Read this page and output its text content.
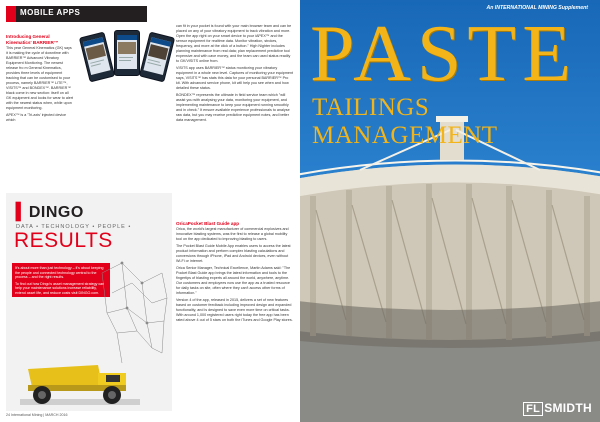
MOBILE APPS
Introducing General Kinematics' BARRIER™

This year General Kinematics (GK) says it is making the cycle of downtime with BARRIER™ Advanced Vibratory Equipment Monitoring. The newest release fro m General Kinematics, provides three levels of equipment tracking that can be customised to your process, namely BARRIER™ LITE™, VISITS™ and BONDEX™. BARRIER™ black come in new section: itself on all GK equipment and looks for wear to alert with the newest status when, while upon equipment monitoring.

APEX™ is a 'Tri-axis' injected device which

can fit in your pocket is found with your main browser team and can be placed on any of your vibratory equipment to track vibration and more. Open the app right on your smart device to your iAPEX™ and the sensor equipment for realtime data. Monitor vibration, strokes, frequency, and more at the click of a button." High Nighter includes planning maintenance from real data; plan replacement predictive tool expensive and with cave money, and the team can used status readily to GK/VISITS online from.

VISITS app uses BARRIER™ status monitoring your vibratory equipment in a whole new level. Captures of monitoring your equipment says, VISITS™ has stats this data for your personal BARRIER™ Pro kit. With advanced service phone, kit will help you see when and how detailed these status.

BONDEX™ represents the ultimate in field service team which "will assist you with analysing your data, monitoring your equipment, and implementing maintenance to keep your equipment running smoothly and in check." It ensure available experience professionals to analyse raw data, but you may receive predictive equipment notes, and better data management.

OricaPocket Blast Guide app

Orica, the world's largest manufacturer of commercial explosives and innovative blasting systems, was the first to release a global mobility tool on the app dedicated to improving blasting to users.

The Pocket Blast Guide Mobile App enables users to access the latest product information and perform complex blasting calculations and conversions through iPhone, iPad and Android devices, even without Wi-Fi or internet.

Orica Senior Manager, Technical Excellence, Martin Adams said: "The Pocket Blast Guide app brings the latest information and tools to the fingertips of blasting experts all around the world, anywhere, anytime. Our customers and employees now use the app as a trusted resource for daily tasks on site, often where they can't access other forms of information."

Version 4 of the app, released in 2015, delivers a set of new features based on customer feedback including improved design and expanded functionality, and is designed to save even more time on critical tasks. With around 1,000 registered users right today the free app has been rated above 4 out of 5 stars on both the iTunes and Google Play stores.

▍DINGO
DATA • TECHNOLOGY • PEOPLE •
RESULTS

It's about more than just technology – it's about keeping the people and connected technology central to the process – and the right results.

To find out how Dingo's asset management strategy can help your maintenance solutions increase reliability, extend asset life, and reduce costs visit DINGO.com.

24 International Mining | MARCH 2016
An INTERNATIONAL MINING Supplement
PASTE
TAILINGS MANAGEMENT
FL SMIDTH
